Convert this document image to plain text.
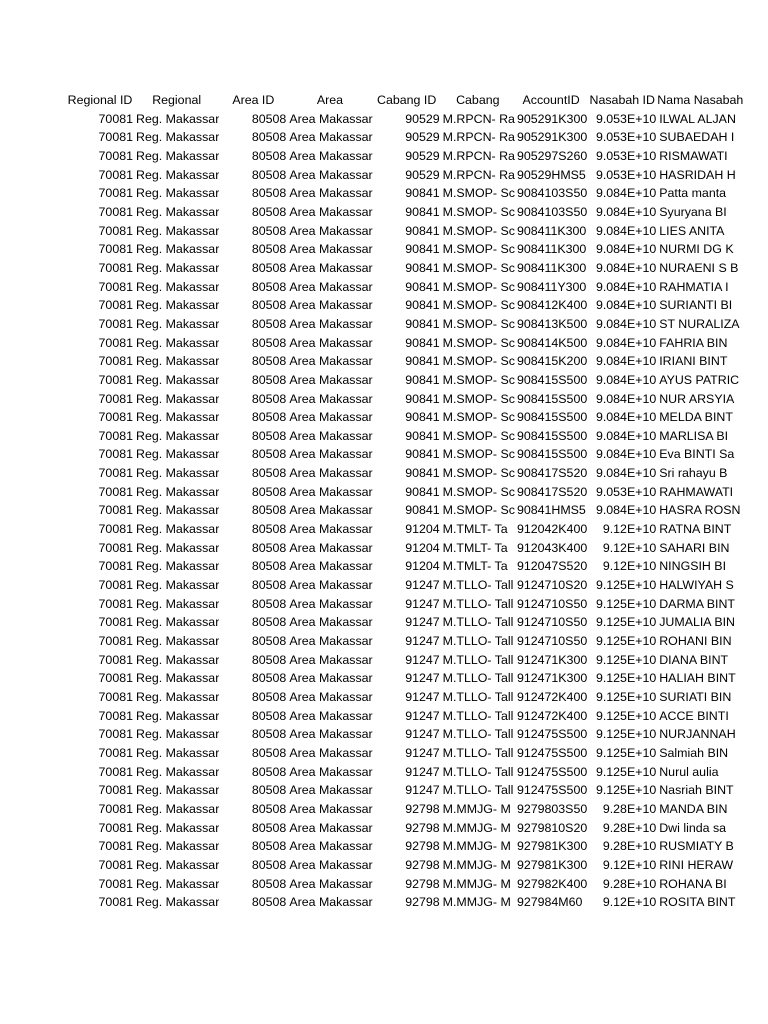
Regional ID	Regional	Area ID	Area	Cabang ID	Cabang	AccountID	Nasabah ID	Nama Nasabah
70081	Reg. Makassar	80508	Area Makassar	90529	M.RPCN- Ra	905291K300	9.053E+10	ILWAL ALJAN
70081	Reg. Makassar	80508	Area Makassar	90529	M.RPCN- Ra	905291K300	9.053E+10	SUBAEDAH I
70081	Reg. Makassar	80508	Area Makassar	90529	M.RPCN- Ra	905297S260	9.053E+10	RISMAWATI
70081	Reg. Makassar	80508	Area Makassar	90529	M.RPCN- Ra	90529HMS5	9.053E+10	HASRIDAH H
70081	Reg. Makassar	80508	Area Makassar	90841	M.SMOP- Sc	9084103S50	9.084E+10	Patta manta
70081	Reg. Makassar	80508	Area Makassar	90841	M.SMOP- Sc	9084103S50	9.084E+10	Syuryana BI
70081	Reg. Makassar	80508	Area Makassar	90841	M.SMOP- Sc	908411K300	9.084E+10	LIES ANITA
70081	Reg. Makassar	80508	Area Makassar	90841	M.SMOP- Sc	908411K300	9.084E+10	NURMI DG K
70081	Reg. Makassar	80508	Area Makassar	90841	M.SMOP- Sc	908411K300	9.084E+10	NURAENI S B
70081	Reg. Makassar	80508	Area Makassar	90841	M.SMOP- Sc	908411Y300	9.084E+10	RAHMATIA I
70081	Reg. Makassar	80508	Area Makassar	90841	M.SMOP- Sc	908412K400	9.084E+10	SURIANTI BI
70081	Reg. Makassar	80508	Area Makassar	90841	M.SMOP- Sc	908413K500	9.084E+10	ST NURALIZA
70081	Reg. Makassar	80508	Area Makassar	90841	M.SMOP- Sc	908414K500	9.084E+10	FAHRIA BIN
70081	Reg. Makassar	80508	Area Makassar	90841	M.SMOP- Sc	908415K200	9.084E+10	IRIANI BINT
70081	Reg. Makassar	80508	Area Makassar	90841	M.SMOP- Sc	908415S500	9.084E+10	AYUS PATRIC
70081	Reg. Makassar	80508	Area Makassar	90841	M.SMOP- Sc	908415S500	9.084E+10	NUR ARSYIA
70081	Reg. Makassar	80508	Area Makassar	90841	M.SMOP- Sc	908415S500	9.084E+10	MELDA BINT
70081	Reg. Makassar	80508	Area Makassar	90841	M.SMOP- Sc	908415S500	9.084E+10	MARLISA BI
70081	Reg. Makassar	80508	Area Makassar	90841	M.SMOP- Sc	908415S500	9.084E+10	Eva BINTI Sa
70081	Reg. Makassar	80508	Area Makassar	90841	M.SMOP- Sc	908417S520	9.084E+10	Sri rahayu B
70081	Reg. Makassar	80508	Area Makassar	90841	M.SMOP- Sc	908417S520	9.053E+10	RAHMAWATI
70081	Reg. Makassar	80508	Area Makassar	90841	M.SMOP- Sc	90841HMS5	9.084E+10	HASRA ROSN
70081	Reg. Makassar	80508	Area Makassar	91204	M.TMLT- Ta	912042K400	9.12E+10	RATNA BINT
70081	Reg. Makassar	80508	Area Makassar	91204	M.TMLT- Ta	912043K400	9.12E+10	SAHARI BIN
70081	Reg. Makassar	80508	Area Makassar	91204	M.TMLT- Ta	912047S520	9.12E+10	NINGSIH BI
70081	Reg. Makassar	80508	Area Makassar	91247	M.TLLO- Tall	9124710S20	9.125E+10	HALWIYAH S
70081	Reg. Makassar	80508	Area Makassar	91247	M.TLLO- Tall	9124710S50	9.125E+10	DARMA BINT
70081	Reg. Makassar	80508	Area Makassar	91247	M.TLLO- Tall	9124710S50	9.125E+10	JUMALIA BIN
70081	Reg. Makassar	80508	Area Makassar	91247	M.TLLO- Tall	9124710S50	9.125E+10	ROHANI BIN
70081	Reg. Makassar	80508	Area Makassar	91247	M.TLLO- Tall	912471K300	9.125E+10	DIANA BINT
70081	Reg. Makassar	80508	Area Makassar	91247	M.TLLO- Tall	912471K300	9.125E+10	HALIAH BINT
70081	Reg. Makassar	80508	Area Makassar	91247	M.TLLO- Tall	912472K400	9.125E+10	SURIATI BIN
70081	Reg. Makassar	80508	Area Makassar	91247	M.TLLO- Tall	912472K400	9.125E+10	ACCE BINTI
70081	Reg. Makassar	80508	Area Makassar	91247	M.TLLO- Tall	912475S500	9.125E+10	NURJANNAH
70081	Reg. Makassar	80508	Area Makassar	91247	M.TLLO- Tall	912475S500	9.125E+10	Salmiah BIN
70081	Reg. Makassar	80508	Area Makassar	91247	M.TLLO- Tall	912475S500	9.125E+10	Nurul aulia
70081	Reg. Makassar	80508	Area Makassar	91247	M.TLLO- Tall	912475S500	9.125E+10	Nasriah BINT
70081	Reg. Makassar	80508	Area Makassar	92798	M.MMJG- M	9279803S50	9.28E+10	MANDA BIN
70081	Reg. Makassar	80508	Area Makassar	92798	M.MMJG- M	9279810S20	9.28E+10	Dwi linda sa
70081	Reg. Makassar	80508	Area Makassar	92798	M.MMJG- M	927981K300	9.28E+10	RUSMIATY B
70081	Reg. Makassar	80508	Area Makassar	92798	M.MMJG- M	927981K300	9.12E+10	RINI HERAW
70081	Reg. Makassar	80508	Area Makassar	92798	M.MMJG- M	927982K400	9.28E+10	ROHANA BI
70081	Reg. Makassar	80508	Area Makassar	92798	M.MMJG- M	927984M60	9.12E+10	ROSITA BINT
